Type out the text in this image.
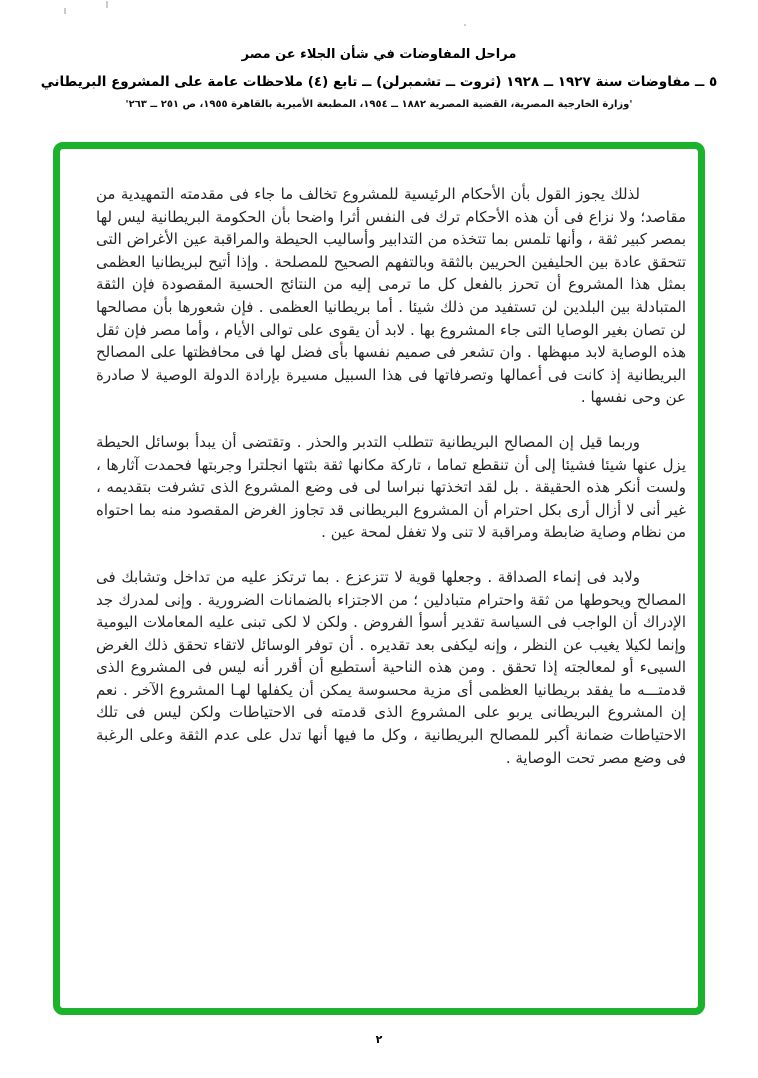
مراحل المفاوضات في شأن الجلاء عن مصر
٥ ــ مفاوضات سنة ١٩٢٧ ــ ١٩٢٨ (ثروت ــ تشمبرلن) ــ تابع (٤) ملاحظات عامة على المشروع البريطاني
'وزارة الخارجية المصرية، القضية المصرية ١٨٨٢ ــ ١٩٥٤، المطبعة الأميرية بالقاهرة ١٩٥٥، ص ٢٥١ ــ ٢٦٣'

لذلك يجوز القول بأن الأحكام الرئيسية للمشروع تخالف ما جاء فى مقدمته التمهيدية من مقاصد؛ ولا نزاع فى أن هذه الأحكام ترك فى النفس أثرا واضحا بأن الحكومة البريطانية ليس لها بمصر كبير ثقة ، وأنها تلمس بما تتخذه من التدابير وأساليب الحيطة والمراقبة عين الأغراض التى تتحقق عادة بين الحليفين الحريين بالثقة وبالتفهم الصحيح للمصلحة . وإذا أتيح لبريطانيا العظمى بمثل هذا المشروع أن تحرز بالفعل كل ما ترمى إليه من النتائج الحسية المقصودة فإن الثقة المتبادلة بين البلدين لن تستفيد من ذلك شيئا . أما بريطانيا العظمى . فإن شعورها بأن مصالحها لن تصان بغير الوصايا التى جاء المشروع بها . لابد أن يقوى على توالى الأيام ، وأما مصر فإن ثقل هذه الوصاية لابد مبهظها . وان تشعر فى صميم نفسها بأى فضل لها فى محافظتها على المصالح البريطانية إذ كانت فى أعمالها وتصرفاتها فى هذا السبيل مسيرة بإرادة الدولة الوصية لا صادرة عن وحى نفسها .

وربما قيل إن المصالح البريطانية تتطلب التدبر والحذر . وتقتضى أن يبدأ بوسائل الحيطة يزل عنها شيئا فشيئا إلى أن تنقطع تماما ، تاركة مكانها ثقة بثتها انجلترا وجربتها فحمدت آثارها ، ولست أنكر هذه الحقيقة . بل لقد اتخذتها نبراسا لى فى وضع المشروع الذى تشرفت بتقديمه ، غير أنى لا أزال أرى بكل احترام أن المشروع البريطانى قد تجاوز الغرض المقصود منه بما احتواه من نظام وصاية ضابطة ومراقبة لا تنى ولا تغفل لمحة عين .

ولابد فى إنماء الصداقة . وجعلها قوية لا تتزعزع . بما ترتكز عليه من تداخل وتشابك فى المصالح ويحوطها من ثقة واحترام متبادلين ؛ من الاجتزاء بالضمانات الضرورية . وإنى لمدرك جد الإدراك أن الواجب فى السياسة تقدير أسوأ الفروض . ولكن لا لكى تبنى عليه المعاملات اليومية وإنما لكيلا يغيب عن النظر ، وإنه ليكفى بعد تقديره . أن توفر الوسائل لاتقاء تحقق ذلك الغرض السيىء أو لمعالجته إذا تحقق . ومن هذه الناحية أستطيع أن أقرر أنه ليس فى المشروع الذى قدمتـــه ما يفقد بريطانيا العظمى أى مزية محسوسة يمكن أن يكفلها لهـا المشروع الآخر . نعم إن المشروع البريطانى يربو على المشروع الذى قدمته فى الاحتياطات ولكن ليس فى تلك الاحتياطات ضمانة أكبر للمصالح البريطانية ، وكل ما فيها أنها تدل على عدم الثقة وعلى الرغبة فى وضع مصر تحت الوصاية .

٢
